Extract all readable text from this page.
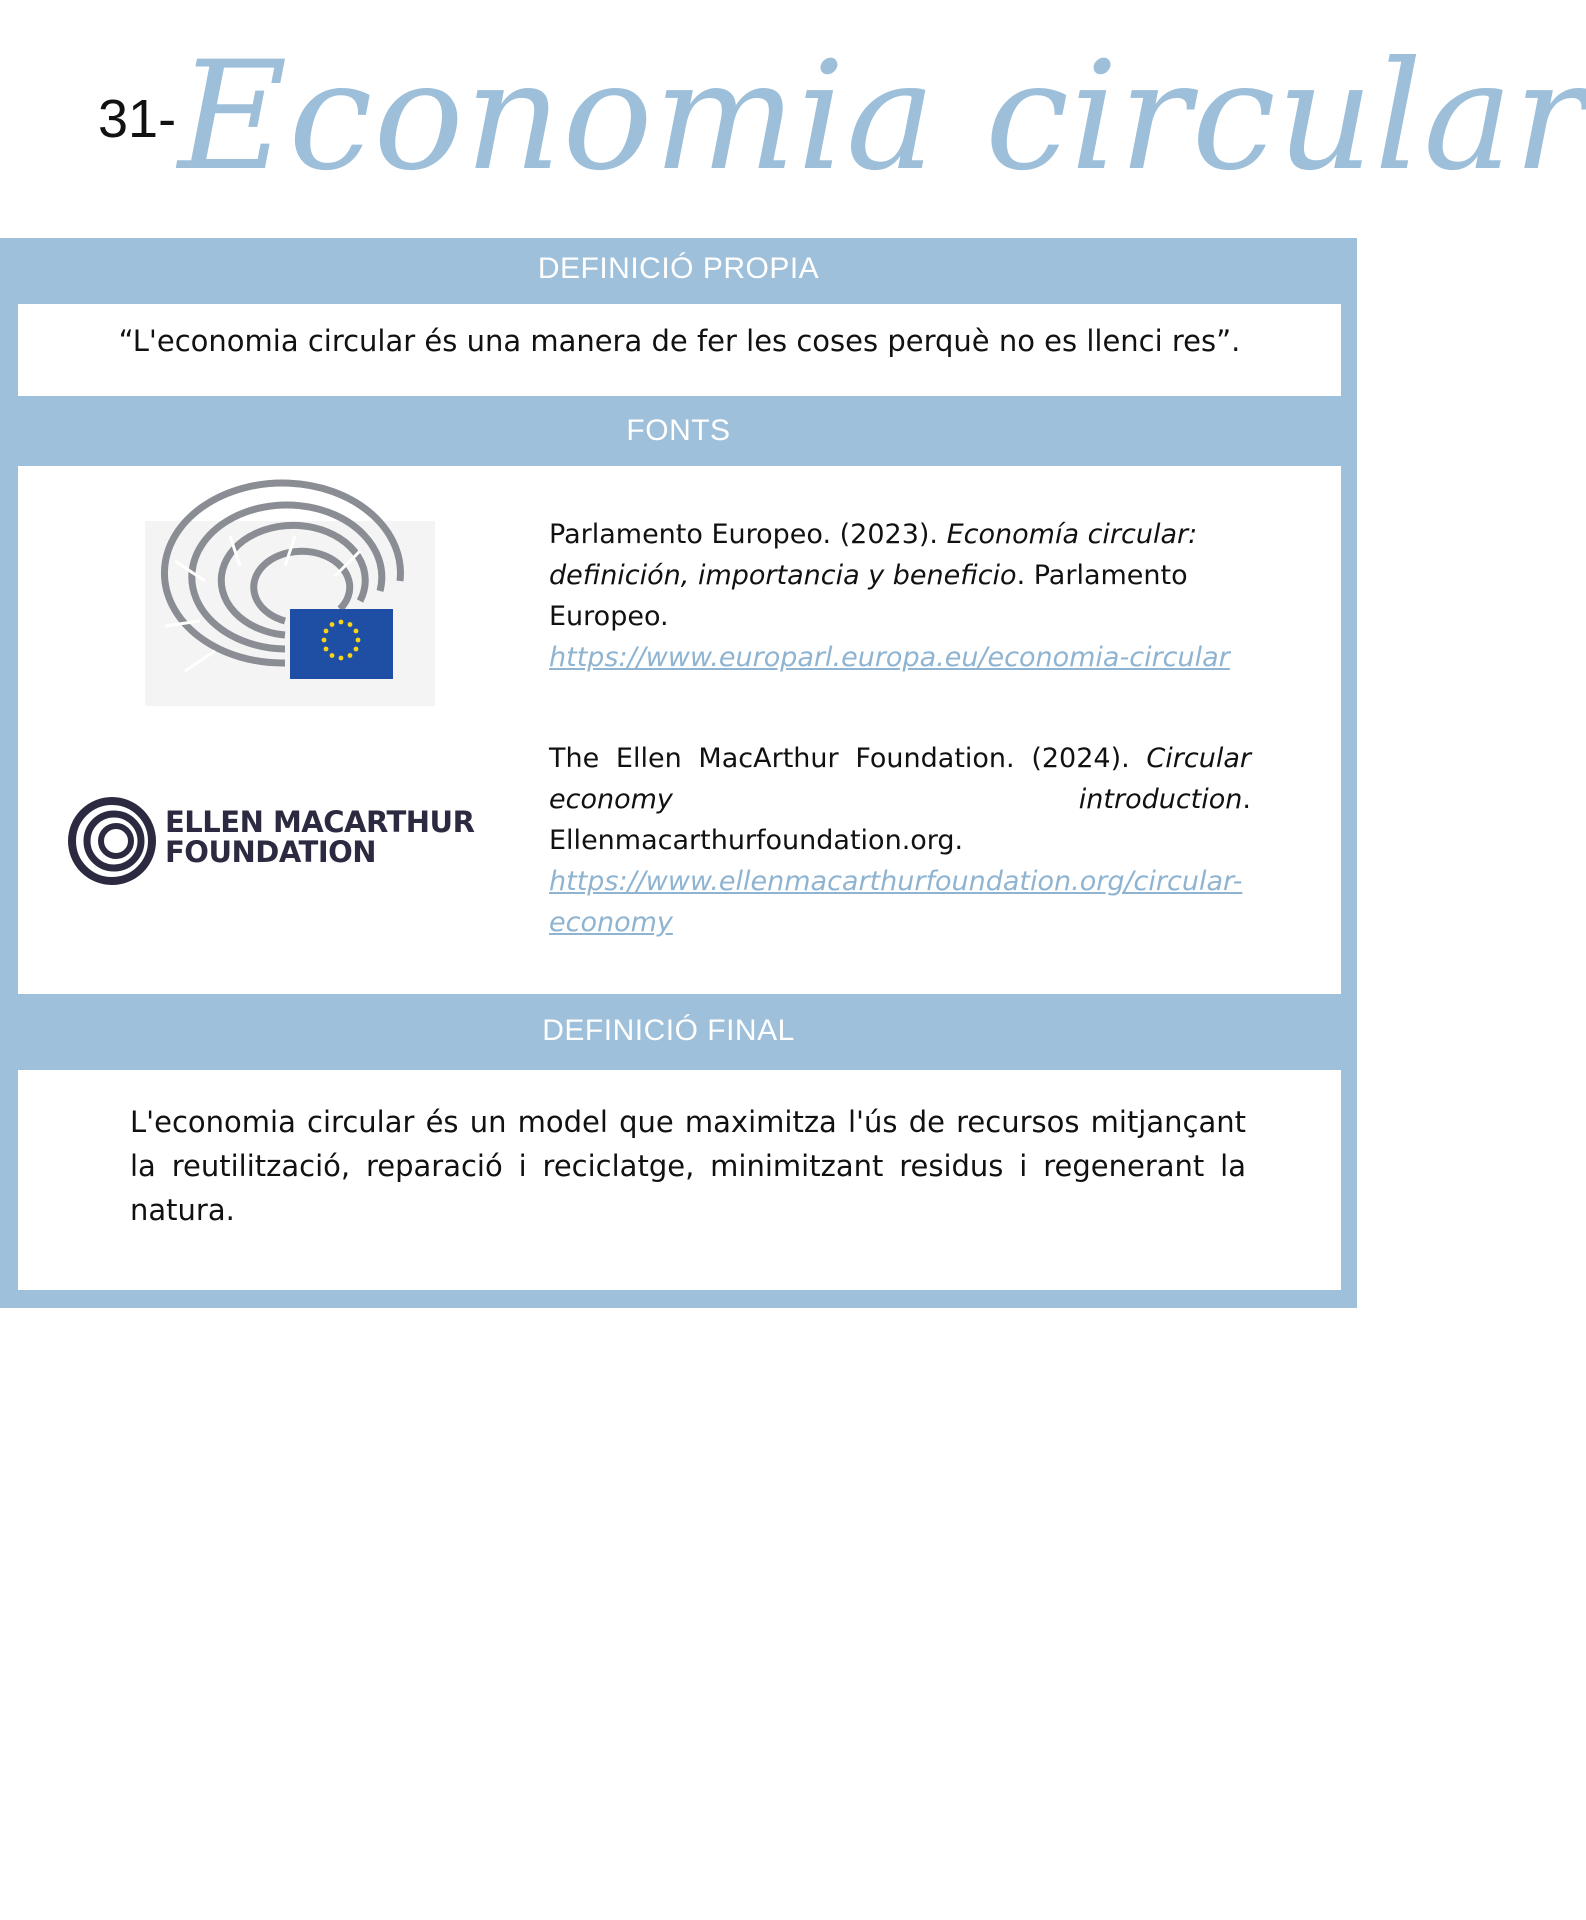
31- Economia circular
DEFINICIÓ PROPIA
“L'economia circular és una manera de fer les coses perquè no es llenci res”.
FONTS
Parlamento Europeo. (2023). Economía circular: definición, importancia y beneficio. Parlamento Europeo.
https://www.europarl.europa.eu/economia-circular
ELLEN MACARTHUR
FOUNDATION
The Ellen MacArthur Foundation. (2024). Circular economy introduction. Ellenmacarthurfoundation.org.
https://www.ellenmacarthurfoundation.org/circular-economy
DEFINICIÓ FINAL
L'economia circular és un model que maximitza l'ús de recursos mitjançant la reutilització, reparació i reciclatge, minimitzant residus i regenerant la natura.
